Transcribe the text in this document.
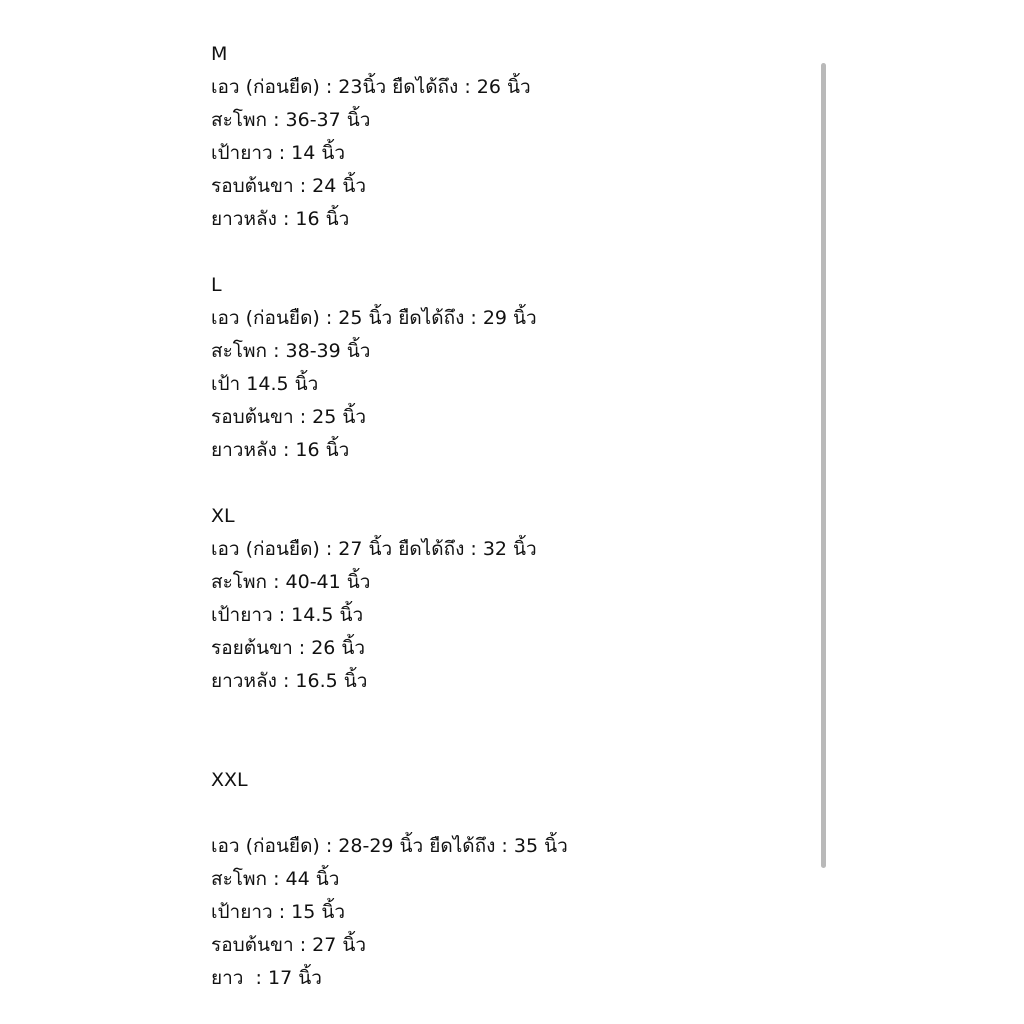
M
เอว (ก่อนยืด) : 23นิ้ว ยืดได้ถึง : 26 นิ้ว
สะโพก : 36-37 นิ้ว
เป้ายาว : 14 นิ้ว
รอบต้นขา : 24 นิ้ว
ยาวหลัง : 16 นิ้ว
L
เอว (ก่อนยืด) : 25 นิ้ว ยืดได้ถึง : 29 นิ้ว
สะโพก : 38-39 นิ้ว
เป้า 14.5 นิ้ว
รอบต้นขา : 25 นิ้ว
ยาวหลัง : 16 นิ้ว
XL
เอว (ก่อนยืด) : 27 นิ้ว ยืดได้ถึง : 32 นิ้ว
สะโพก : 40-41 นิ้ว
เป้ายาว : 14.5 นิ้ว
รอยต้นขา : 26 นิ้ว
ยาวหลัง : 16.5 นิ้ว
XXL
เอว (ก่อนยืด) : 28-29 นิ้ว ยืดได้ถึง : 35 นิ้ว
สะโพก : 44 นิ้ว
เป้ายาว : 15 นิ้ว
รอบต้นขา : 27 นิ้ว
ยาว  : 17 นิ้ว
